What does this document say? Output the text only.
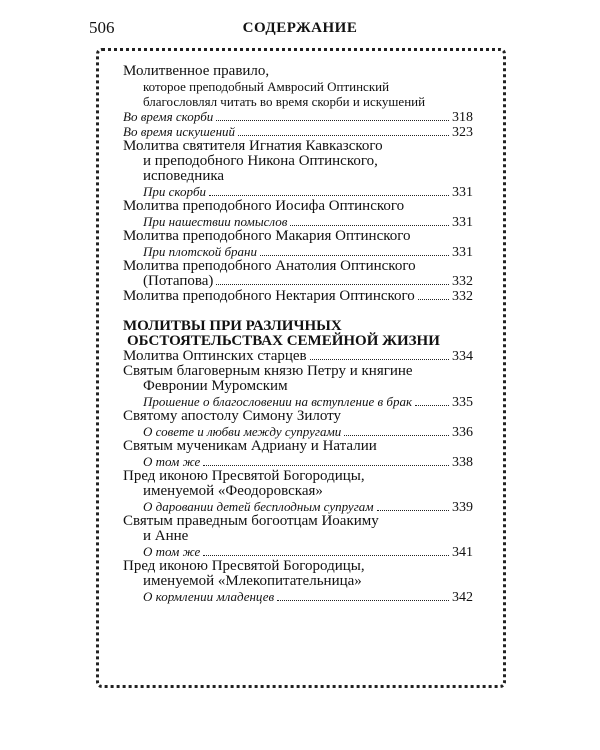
506	СОДЕРЖАНИЕ
Молитвенное правило,
которое преподобный Амвросий Оптинский
благословлял читать во время скорби и искушений
Во время скорби	318
Во время искушений	323
Молитва святителя Игнатия Кавказского
и преподобного Никона Оптинского,
исповедника
При скорби	331
Молитва преподобного Иосифа Оптинского
При нашествии помыслов	331
Молитва преподобного Макария Оптинского
При плотской брани	331
Молитва преподобного Анатолия Оптинского
(Потапова)	332
Молитва преподобного Нектария Оптинского	332
МОЛИТВЫ ПРИ РАЗЛИЧНЫХ
ОБСТОЯТЕЛЬСТВАХ СЕМЕЙНОЙ ЖИЗНИ
Молитва Оптинских старцев	334
Святым благоверным князю Петру и княгине
Февронии Муромским
Прошение о благословении на вступление в брак	335
Святому апостолу Симону Зилоту
О совете и любви между супругами	336
Святым мученикам Адриану и Наталии
О том же	338
Пред иконою Пресвятой Богородицы,
именуемой «Феодоровская»
О даровании детей бесплодным супругам	339
Святым праведным богоотцам Иоакиму
и Анне
О том же	341
Пред иконою Пресвятой Богородицы,
именуемой «Млекопитательница»
О кормлении младенцев	342
